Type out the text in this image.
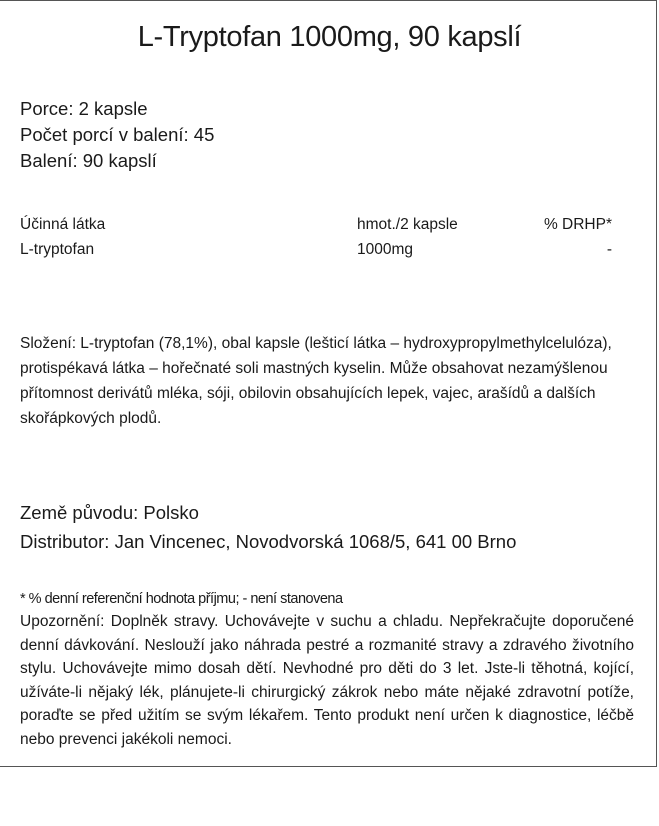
L-Tryptofan 1000mg, 90 kapslí
Porce: 2 kapsle
Počet porcí v balení: 45
Balení: 90 kapslí
Účinná látka	hmot./2 kapsle	% DRHP*
L-tryptofan	1000mg	-
Složení: L-tryptofan (78,1%), obal kapsle (lešticí látka – hydroxypropylmethylcelulóza), protispékavá látka – hořečnaté soli mastných kyselin. Může obsahovat nezamýšlenou přítomnost derivátů mléka, sóji, obilovin obsahujících lepek, vajec, arašídů a dalších skořápkových plodů.
Země původu: Polsko
Distributor: Jan Vincenec, Novodvorská 1068/5, 641 00 Brno
* % denní referenční hodnota příjmu; - není stanovena
Upozornění: Doplněk stravy. Uchovávejte v suchu a chladu. Nepřekračujte doporučené denní dávkování. Neslouží jako náhrada pestré a rozmanité stravy a zdravého životního stylu. Uchovávejte mimo dosah dětí. Nevhodné pro děti do 3 let. Jste-li těhotná, kojící, užíváte-li nějaký lék, plánujete-li chirurgický zákrok nebo máte nějaké zdravotní potíže, poraďte se před užitím se svým lékařem. Tento produkt není určen k diagnostice, léčbě nebo prevenci jakékoli nemoci.
